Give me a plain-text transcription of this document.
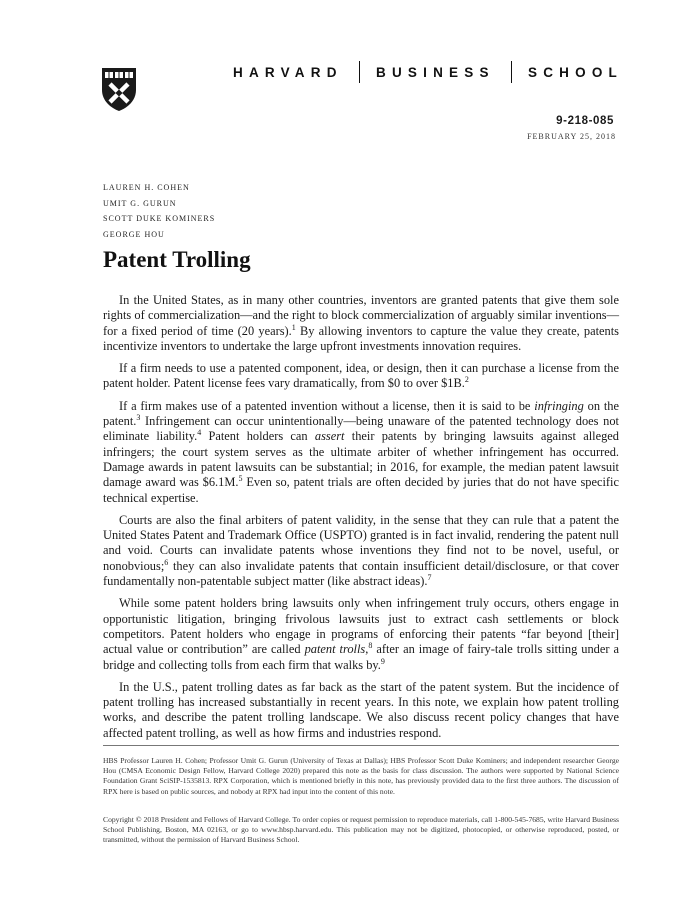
HARVARD BUSINESS SCHOOL
9-218-085
FEBRUARY 25, 2018
LAUREN H. COHEN
UMIT G. GURUN
SCOTT DUKE KOMINERS
GEORGE HOU
Patent Trolling

In the United States, as in many other countries, inventors are granted patents that give them sole rights of commercialization—and the right to block commercialization of arguably similar inventions—for a fixed period of time (20 years).$^1$ By allowing inventors to capture the value they create, patents incentivize inventors to undertake the large upfront investments innovation requires.

If a firm needs to use a patented component, idea, or design, then it can purchase a license from the patent holder. Patent license fees vary dramatically, from $0 to over $1B.$^2$

If a firm makes use of a patented invention without a license, then it is said to be infringing on the patent.$^3$ Infringement can occur unintentionally—being unaware of the patented technology does not eliminate liability.$^4$ Patent holders can assert their patents by bringing lawsuits against alleged infringers; the court system serves as the ultimate arbiter of whether infringement has occurred. Damage awards in patent lawsuits can be substantial; in 2016, for example, the median patent lawsuit damage award was $6.1M.$^5$ Even so, patent trials are often decided by juries that do not have specific technical expertise.

Courts are also the final arbiters of patent validity, in the sense that they can rule that a patent the United States Patent and Trademark Office (USPTO) granted is in fact invalid, rendering the patent null and void. Courts can invalidate patents whose inventions they find not to be novel, useful, or nonobvious;$^6$ they can also invalidate patents that contain insufficient detail/disclosure, or that cover fundamentally non-patentable subject matter (like abstract ideas).$^7$

While some patent holders bring lawsuits only when infringement truly occurs, others engage in opportunistic litigation, bringing frivolous lawsuits just to extract cash settlements or block competitors. Patent holders who engage in programs of enforcing their patents “far beyond [their] actual value or contribution” are called patent trolls,$^8$ after an image of fairy-tale trolls sitting under a bridge and collecting tolls from each firm that walks by.$^9$

In the U.S., patent trolling dates as far back as the start of the patent system. But the incidence of patent trolling has increased substantially in recent years. In this note, we explain how patent trolling works, and describe the patent trolling landscape. We also discuss recent policy changes that have affected patent trolling, as well as how firms and industries respond.

HBS Professor Lauren H. Cohen; Professor Umit G. Gurun (University of Texas at Dallas); HBS Professor Scott Duke Kominers; and independent researcher George Hou (CMSA Economic Design Fellow, Harvard College 2020) prepared this note as the basis for class discussion. The authors were supported by National Science Foundation Grant SciSIP-1535813. RPX Corporation, which is mentioned briefly in this note, has previously provided data to the first three authors. The discussion of RPX here is based on public sources, and nobody at RPX had input into the content of this note.

Copyright © 2018 President and Fellows of Harvard College. To order copies or request permission to reproduce materials, call 1-800-545-7685, write Harvard Business School Publishing, Boston, MA 02163, or go to www.hbsp.harvard.edu. This publication may not be digitized, photocopied, or otherwise reproduced, posted, or transmitted, without the permission of Harvard Business School.
